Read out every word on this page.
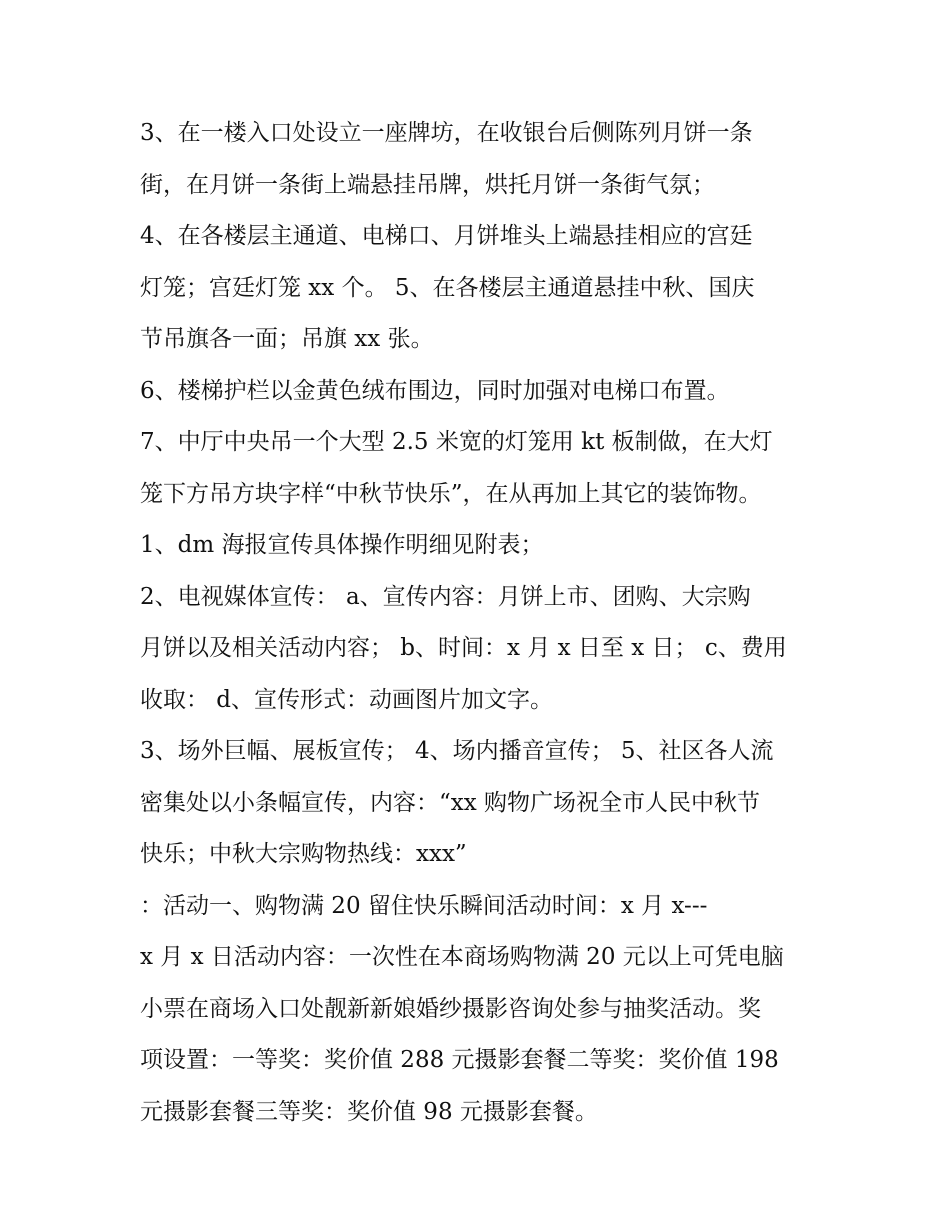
3、在一楼入口处设立一座牌坊，在收银台后侧陈列月饼一条
街，在月饼一条街上端悬挂吊牌，烘托月饼一条街气氛；
4、在各楼层主通道、电梯口、月饼堆头上端悬挂相应的宫廷
灯笼；宫廷灯笼 xx 个。 5、在各楼层主通道悬挂中秋、国庆
节吊旗各一面；吊旗 xx 张。
6、楼梯护栏以金黄色绒布围边，同时加强对电梯口布置。
7、中厅中央吊一个大型 2.5 米宽的灯笼用 kt 板制做，在大灯
笼下方吊方块字样“中秋节快乐”，在从再加上其它的装饰物。
1、dm 海报宣传具体操作明细见附表；
2、电视媒体宣传： a、宣传内容：月饼上市、团购、大宗购
月饼以及相关活动内容； b、时间：x 月 x 日至 x 日； c、费用
收取： d、宣传形式：动画图片加文字。
3、场外巨幅、展板宣传； 4、场内播音宣传； 5、社区各人流
密集处以小条幅宣传，内容：“xx 购物广场祝全市人民中秋节
快乐；中秋大宗购物热线：xxx”
：活动一、购物满 20 留住快乐瞬间活动时间：x 月 x---
x 月 x 日活动内容：一次性在本商场购物满 20 元以上可凭电脑
小票在商场入口处靓新新娘婚纱摄影咨询处参与抽奖活动。奖
项设置：一等奖：奖价值 288 元摄影套餐二等奖：奖价值 198
元摄影套餐三等奖：奖价值 98 元摄影套餐。
